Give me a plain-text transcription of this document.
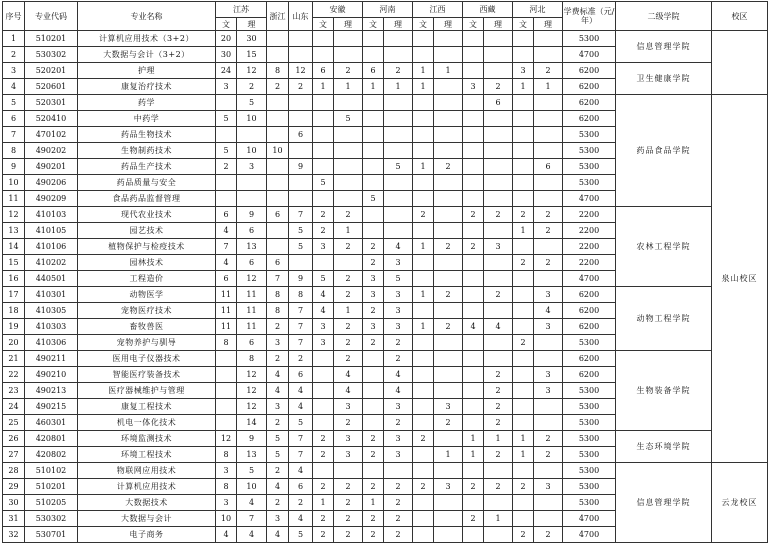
序号	专业代码	专业名称	江苏		浙江	山东	安徽		河南		江西		西藏		河北		学费标准（元/年）	二级学院	校区
			文	理			文	理	文	理	文	理	文	理	文	理			
1	510201	计算机应用技术（3+2）	20	30													5300	信息管理学院	
2	530302	大数据与会计（3+2）	30	15													4700		
3	520201	护理	24	12	8	12	6	2	6	2	1	1			3	2	6200	卫生健康学院	
4	520601	康复治疗技术	3	2	2	2	1	1	1	1	1		3	2	1	1	6200		
5	520301	药学		5										6			6200	药品食品学院	泉山校区
6	520410	中药学	5	10				5									6200		
7	470102	药品生物技术				6											5300		
8	490202	生物制药技术	5	10	10												5300		
9	490201	药品生产技术	2	3		9				5	1	2				6	5300		
10	490206	药品质量与安全					5										5300		
11	490209	食品药品监督管理							5								4700		
12	410103	现代农业技术	6	9	6	7	2	2			2		2	2	2	2	2200	农林工程学院	
13	410105	园艺技术	4	6		5	2	1							1	2	2200		
14	410106	植物保护与检疫技术	7	13		5	3	2	2	4	1	2	2	3			2200		
15	410202	园林技术	4	6	6				2	3					2	2	2200		
16	440501	工程造价	6	12	7	9	5	2	3	5							4700		
17	410301	动物医学	11	11	8	8	4	2	3	3	1	2		2		3	6200	动物工程学院	
18	410305	宠物医疗技术	11	11	8	7	4	1	2	3						4	6200		
19	410303	畜牧兽医	11	11	2	7	3	2	3	3	1	2	4	4		3	6200		
20	410306	宠物养护与驯导	8	6	3	7	3	2	2	2					2		5300		
21	490211	医用电子仪器技术		8	2	2		2		2							6200	生物装备学院	
22	490210	智能医疗装备技术		12	4	6		4		4				2		3	6200		
23	490213	医疗器械维护与管理		12	4	4		4		4				2		3	5300		
24	490215	康复工程技术		12	3	4		3		3		3		2			5300		
25	460301	机电一体化技术		14	2	5		2		2		2		2			5300		
26	420801	环境监测技术	12	9	5	7	2	3	2	3	2		1	1	1	2	5300	生态环境学院	
27	420802	环境工程技术	8	13	5	7	2	3	2	3		1	1	2	1	2	5300		
28	510102	物联网应用技术	3	5	2	4											5300	信息管理学院	云龙校区
29	510201	计算机应用技术	8	10	4	6	2	2	2	2	2	3	2	2	2	3	5300		
30	510205	大数据技术	3	4	2	2	1	2	1	2							5300		
31	530302	大数据与会计	10	7	3	4	2	2	2	2			2	1			4700		
32	530701	电子商务	4	4	4	5	2	2	2	2					2	2	4700		
